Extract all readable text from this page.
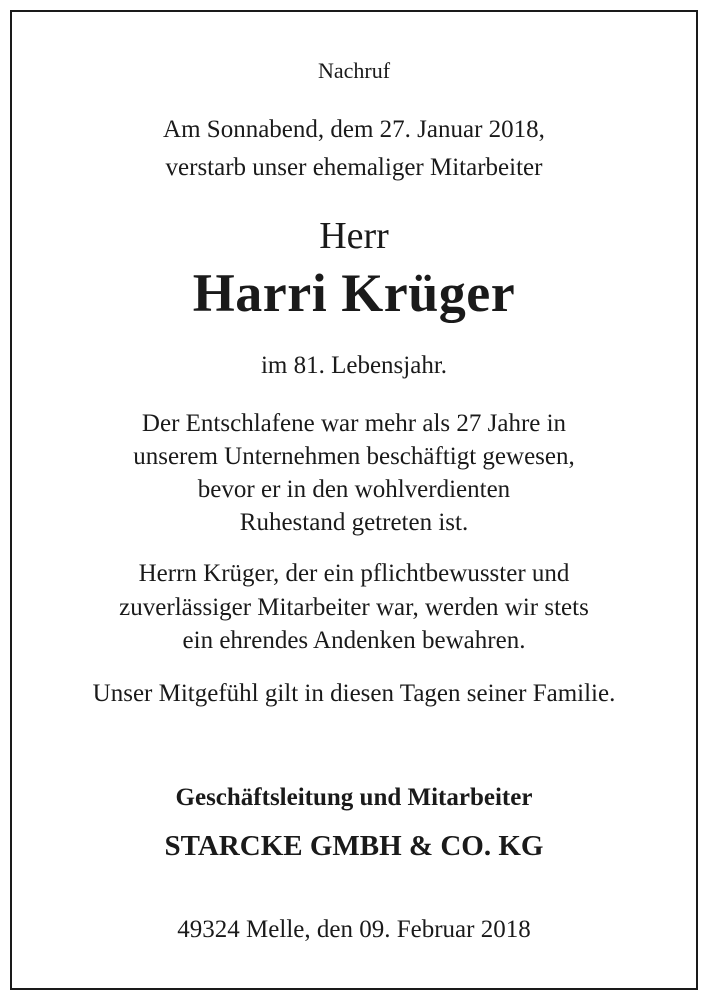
Nachruf
Am Sonnabend, dem 27. Januar 2018,
verstarb unser ehemaliger Mitarbeiter
Herr
Harri Krüger
im 81. Lebensjahr.
Der Entschlafene war mehr als 27 Jahre in
unserem Unternehmen beschäftigt gewesen,
bevor er in den wohlverdienten
Ruhestand getreten ist.
Herrn Krüger, der ein pflichtbewusster und
zuverlässiger Mitarbeiter war, werden wir stets
ein ehrendes Andenken bewahren.
Unser Mitgefühl gilt in diesen Tagen seiner Familie.
Geschäftsleitung und Mitarbeiter
STARCKE GMBH & CO. KG
49324 Melle, den 09. Februar 2018
